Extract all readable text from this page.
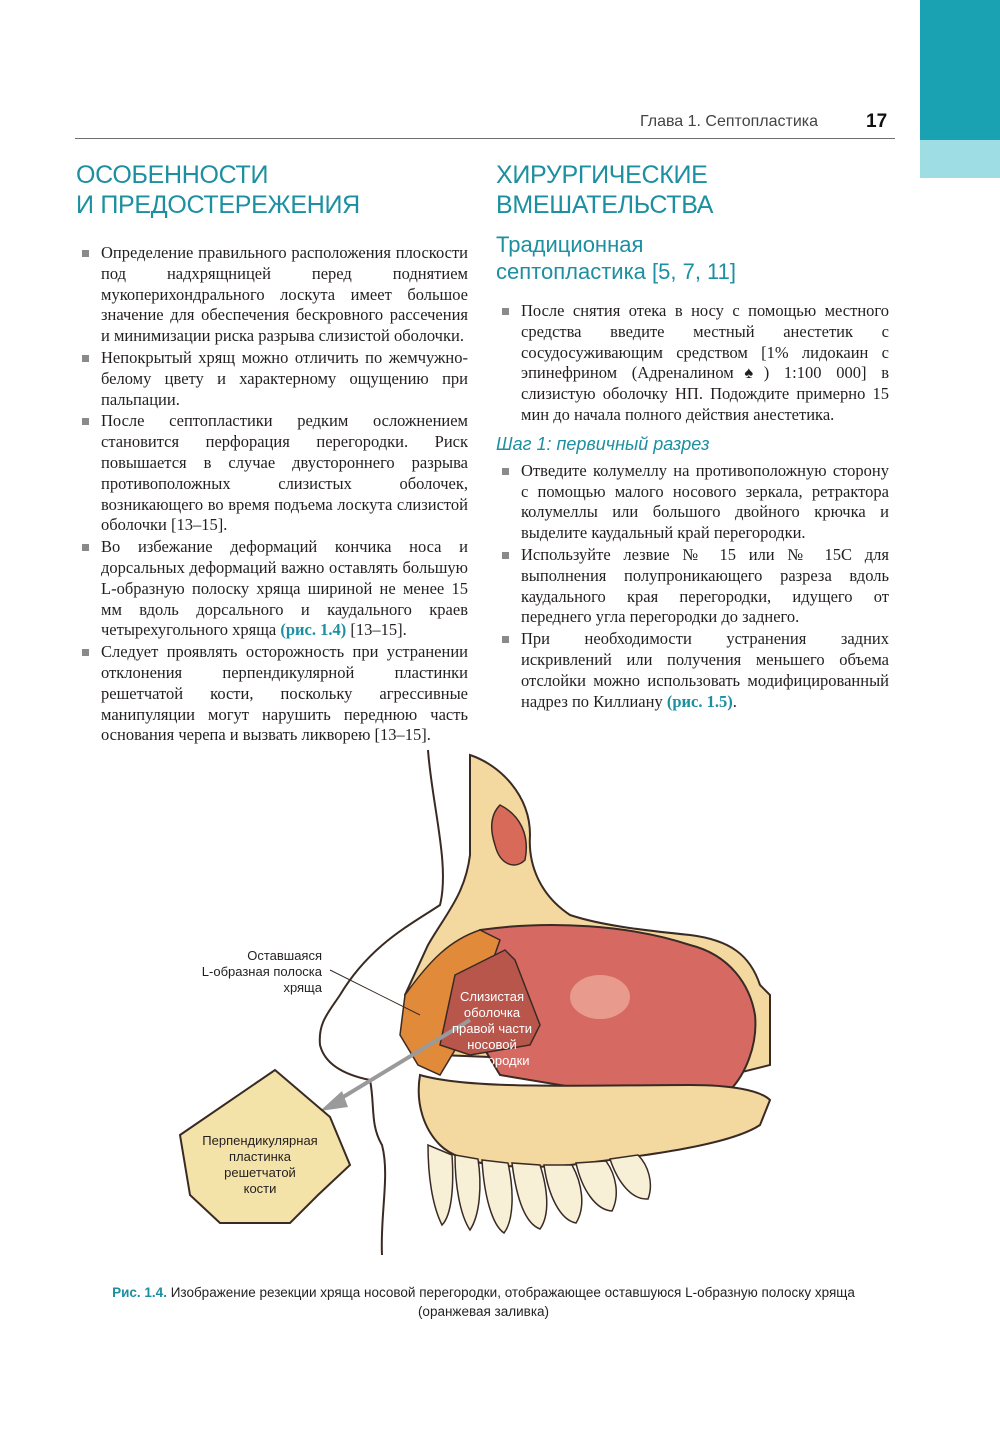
Глава 1. Септопластика	17
ОСОБЕННОСТИ
И ПРЕДОСТЕРЕЖЕНИЯ
Определение правильного расположения плоскости под надхрящницей перед поднятием мукоперихондрального лоскута имеет большое значение для обеспечения бескровного рассечения и минимизации риска разрыва слизистой оболочки.
Непокрытый хрящ можно отличить по жемчужно-белому цвету и характерному ощущению при пальпации.
После септопластики редким осложнением становится перфорация перегородки. Риск повышается в случае двустороннего разрыва противоположных слизистых оболочек, возникающего во время подъема лоскута слизистой оболочки [13–15].
Во избежание деформаций кончика носа и дорсальных деформаций важно оставлять большую L-образную полоску хряща шириной не менее 15 мм вдоль дорсального и каудального краев четырехугольного хряща (рис. 1.4) [13–15].
Следует проявлять осторожность при устранении отклонения перпендикулярной пластинки решетчатой кости, поскольку агрессивные манипуляции могут нарушить переднюю часть основания черепа и вызвать ликворею [13–15].
ХИРУРГИЧЕСКИЕ
ВМЕШАТЕЛЬСТВА
Традиционная
септопластика [5, 7, 11]
После снятия отека в носу с помощью местного средства введите местный анестетик с сосудосуживающим средством [1% лидокаин с эпинефрином (Адреналином♠) 1:100 000] в слизистую оболочку НП. Подождите примерно 15 мин до начала полного действия анестетика.
Шаг 1: первичный разрез
Отведите колумеллу на противоположную сторону с помощью малого носового зеркала, ретрактора колумеллы или большого двойного крючка и выделите каудальный край перегородки.
Используйте лезвие № 15 или № 15С для выполнения полупроникающего разреза вдоль каудального края перегородки, идущего от переднего угла перегородки до заднего.
При необходимости устранения задних искривлений или получения меньшего объема отслойки можно использовать модифицированный надрез по Киллиану (рис. 1.5).
Оставшаяся
L-образная полоска
хряща
Слизистая
оболочка
правой части
носовой
перегородки
Перпендикулярная
пластинка
решетчатой
кости
Рис. 1.4. Изображение резекции хряща носовой перегородки, отображающее оставшуюся L-образную полоску хряща (оранжевая заливка)
